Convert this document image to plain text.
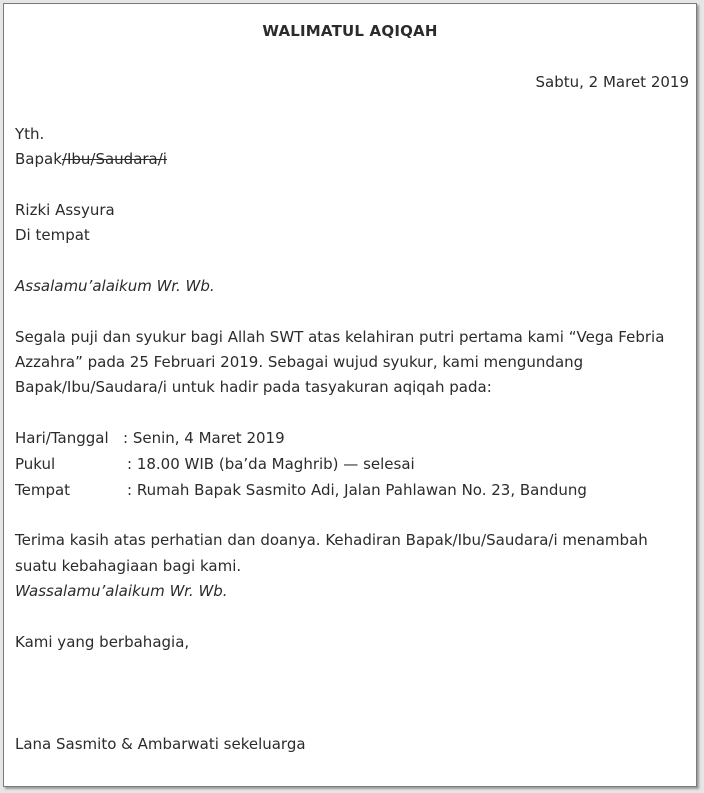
WALIMATUL AQIQAH
Sabtu, 2 Maret 2019
Yth.
Bapak/Ibu/Saudara/i
Rizki Assyura
Di tempat
Assalamu’alaikum Wr. Wb.
Segala puji dan syukur bagi Allah SWT atas kelahiran putri pertama kami “Vega Febria
Azzahra” pada 25 Februari 2019. Sebagai wujud syukur, kami mengundang
Bapak/Ibu/Saudara/i untuk hadir pada tasyakuran aqiqah pada:
Hari/Tanggal : Senin, 4 Maret 2019
Pukul	: 18.00 WIB (ba’da Maghrib) — selesai
Tempat	: Rumah Bapak Sasmito Adi, Jalan Pahlawan No. 23, Bandung
Terima kasih atas perhatian dan doanya. Kehadiran Bapak/Ibu/Saudara/i menambah
suatu kebahagiaan bagi kami.
Wassalamu’alaikum Wr. Wb.
Kami yang berbahagia,
Lana Sasmito & Ambarwati sekeluarga
